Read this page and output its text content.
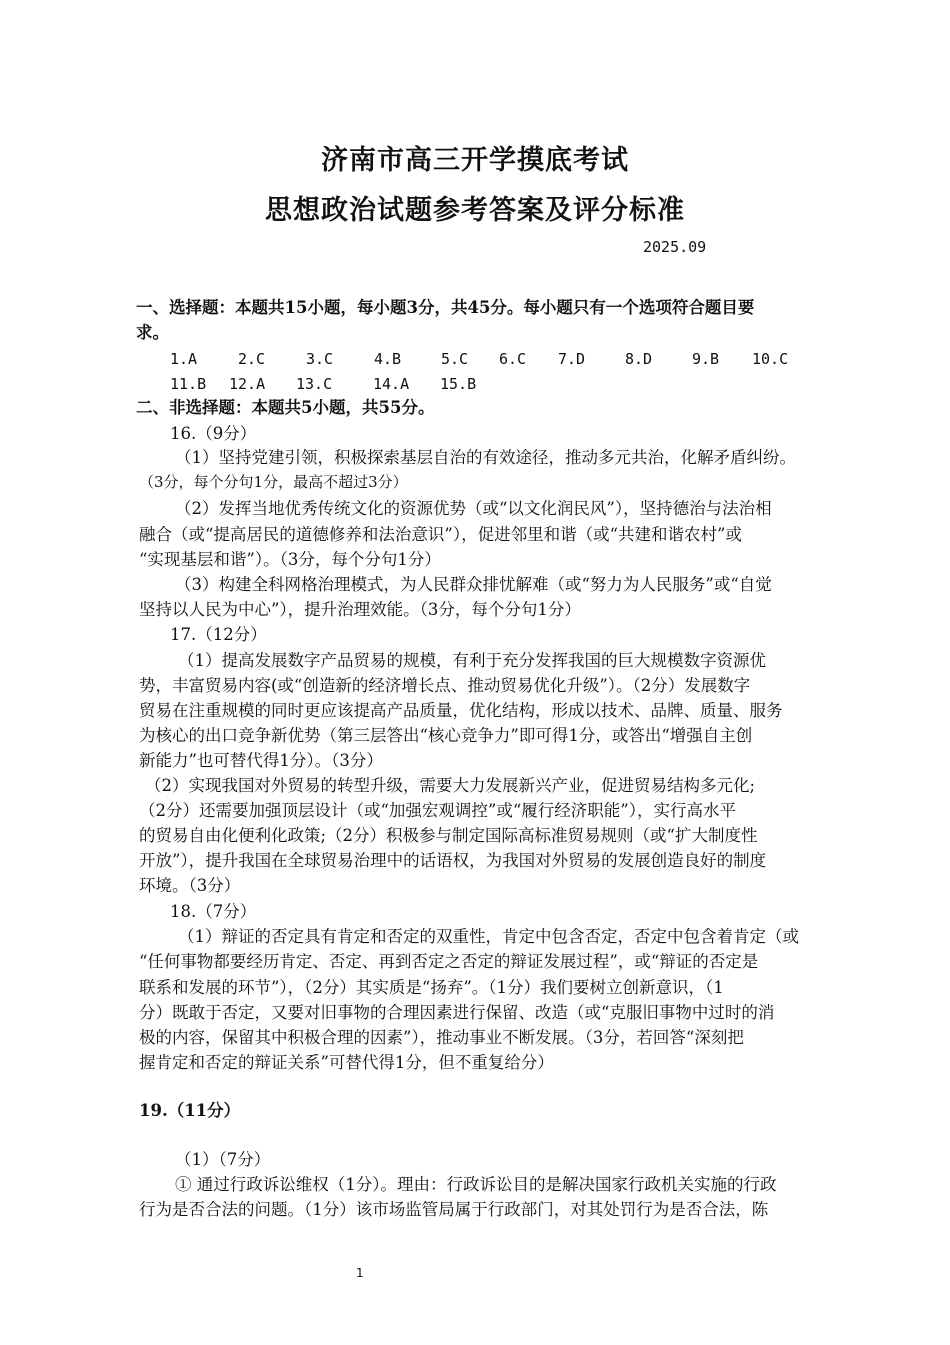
济南市高三开学摸底考试
思想政治试题参考答案及评分标准
2025.09
一、选择题：本题共15小题，每小题3分，共45分。每小题只有一个选项符合题目要
求。
1.A	2.C	3.C	4.B	5.C 6.C 7.D	8.D	9.B 10.C
11.B 12.A 13.C	14.A 15.B
二、非选择题：本题共5小题，共55分。
16.（9分）
（1）坚持党建引领，积极探索基层自治的有效途径，推动多元共治，化解矛盾纠纷。
（3分，每个分句1分，最高不超过3分）
（2）发挥当地优秀传统文化的资源优势（或“以文化润民风”），坚持德治与法治相
融合（或“提高居民的道德修养和法治意识”），促进邻里和谐（或“共建和谐农村”或
“实现基层和谐”）。（3分，每个分句1分）
（3）构建全科网格治理模式，为人民群众排忧解难（或“努力为人民服务”或“自觉
坚持以人民为中心”），提升治理效能。（3分，每个分句1分）
17.（12分）
（1）提高发展数字产品贸易的规模，有利于充分发挥我国的巨大规模数字资源优
势，丰富贸易内容(或“创造新的经济增长点、推动贸易优化升级”）。（2分）发展数字
贸易在注重规模的同时更应该提高产品质量，优化结构，形成以技术、品牌、质量、服务
为核心的出口竞争新优势（第三层答出“核心竞争力”即可得1分，或答出“增强自主创
新能力”也可替代得1分）。（3分）
（2）实现我国对外贸易的转型升级，需要大力发展新兴产业，促进贸易结构多元化;
（2分）还需要加强顶层设计（或“加强宏观调控”或“履行经济职能”），实行高水平
的贸易自由化便利化政策;（2分）积极参与制定国际高标准贸易规则（或“扩大制度性
开放”），提升我国在全球贸易治理中的话语权，为我国对外贸易的发展创造良好的制度
环境。（3分）
18.（7分）
（1）辩证的否定具有肯定和否定的双重性，肯定中包含否定，否定中包含着肯定（或
“任何事物都要经历肯定、否定、再到否定之否定的辩证发展过程”，或“辩证的否定是
联系和发展的环节”），（2分）其实质是“扬弃”。（1分）我们要树立创新意识，（1
分）既敢于否定，又要对旧事物的合理因素进行保留、改造（或“克服旧事物中过时的消
极的内容，保留其中积极合理的因素”），推动事业不断发展。（3分，若回答“深刻把
握肯定和否定的辩证关系”可替代得1分，但不重复给分）
19.（11分）
（1）（7分）
① 通过行政诉讼维权（1分）。理由：行政诉讼目的是解决国家行政机关实施的行政
行为是否合法的问题。（1分）该市场监管局属于行政部门，对其处罚行为是否合法，陈
1
